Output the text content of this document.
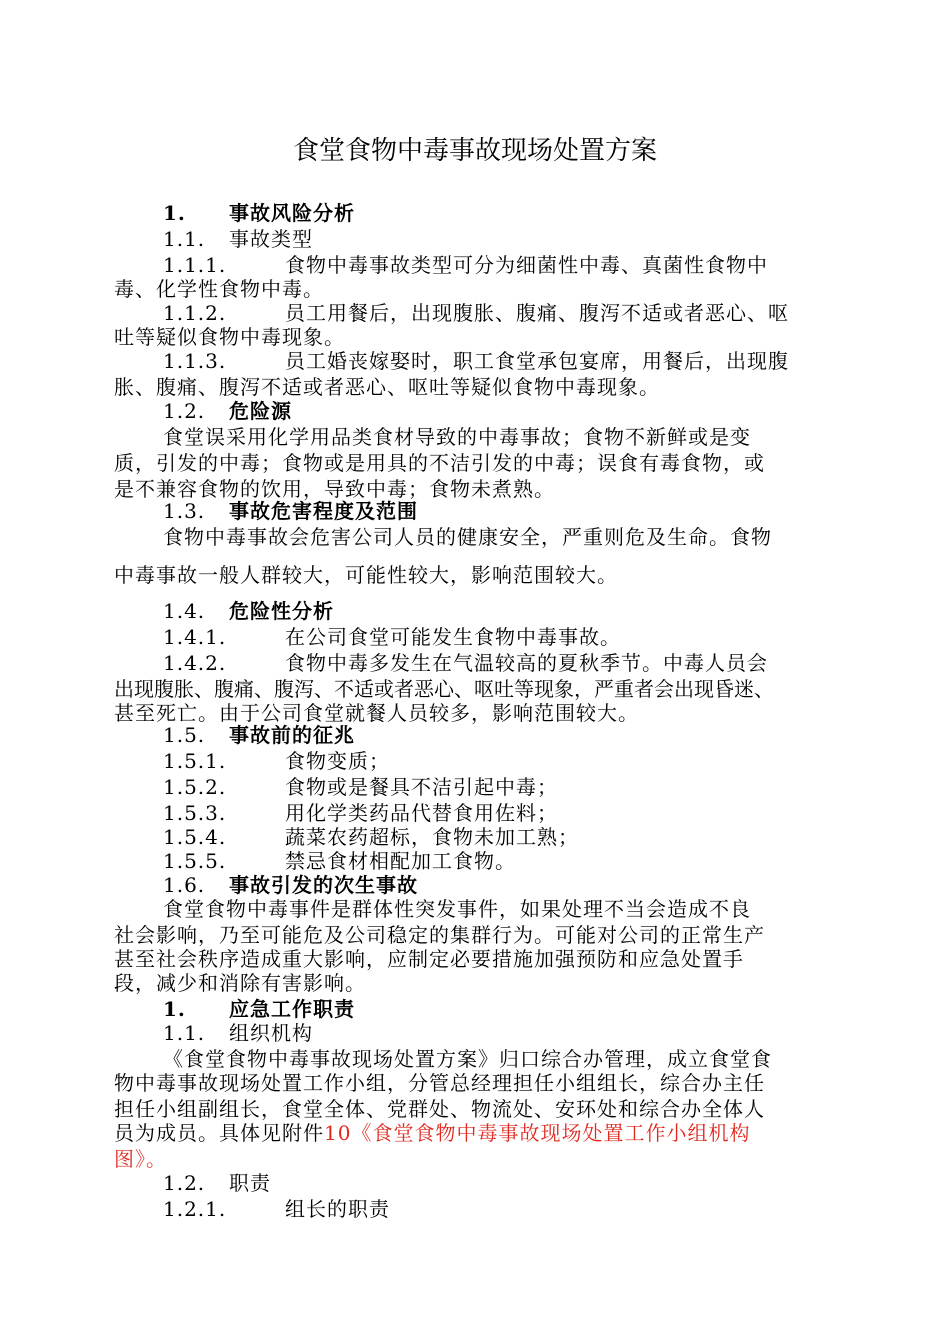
食堂食物中毒事故现场处置方案
1. 事故风险分析
1.1. 事故类型
1.1.1.	食物中毒事故类型可分为细菌性中毒、真菌性食物中
毒、化学性食物中毒。
1.1.2.	员工用餐后，出现腹胀、腹痛、腹泻不适或者恶心、呕
吐等疑似食物中毒现象。
1.1.3.	员工婚丧嫁娶时，职工食堂承包宴席，用餐后，出现腹
胀、腹痛、腹泻不适或者恶心、呕吐等疑似食物中毒现象。
1.2. 危险源
食堂误采用化学用品类食材导致的中毒事故；食物不新鲜或是变
质，引发的中毒；食物或是用具的不洁引发的中毒；误食有毒食物，或
是不兼容食物的饮用，导致中毒；食物未煮熟。
1.3. 事故危害程度及范围
食物中毒事故会危害公司人员的健康安全，严重则危及生命。食物
中毒事故一般人群较大，可能性较大，影响范围较大。
1.4. 危险性分析
1.4.1.	在公司食堂可能发生食物中毒事故。
1.4.2.	食物中毒多发生在气温较高的夏秋季节。中毒人员会
出现腹胀、腹痛、腹泻、不适或者恶心、呕吐等现象，严重者会出现昏迷、
甚至死亡。由于公司食堂就餐人员较多，影响范围较大。
1.5. 事故前的征兆
1.5.1.	食物变质；
1.5.2.	食物或是餐具不洁引起中毒；
1.5.3.	用化学类药品代替食用佐料；
1.5.4.	蔬菜农药超标，食物未加工熟；
1.5.5.	禁忌食材相配加工食物。
1.6. 事故引发的次生事故
食堂食物中毒事件是群体性突发事件，如果处理不当会造成不良
社会影响，乃至可能危及公司稳定的集群行为。可能对公司的正常生产
甚至社会秩序造成重大影响，应制定必要措施加强预防和应急处置手
段，减少和消除有害影响。
1. 应急工作职责
1.1. 组织机构
《食堂食物中毒事故现场处置方案》归口综合办管理，成立食堂食
物中毒事故现场处置工作小组，分管总经理担任小组组长，综合办主任
担任小组副组长，食堂全体、党群处、物流处、安环处和综合办全体人
员为成员。具体见附件10《食堂食物中毒事故现场处置工作小组机构
图》。
1.2. 职责
1.2.1.	组长的职责
